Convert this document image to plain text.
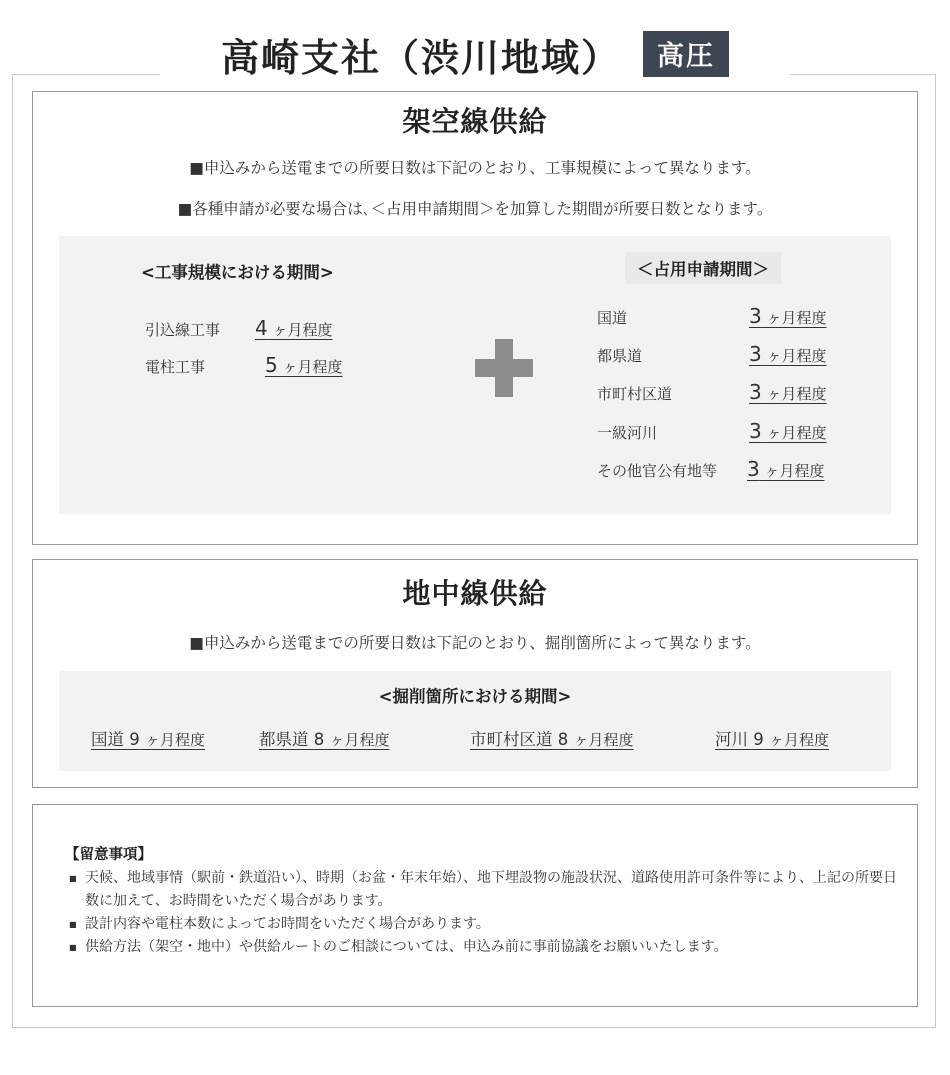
高崎支社（渋川地域）	高圧
架空線供給
■申込みから送電までの所要日数は下記のとおり、工事規模によって異なります。
■各種申請が必要な場合は､＜占用申請期間＞を加算した期間が所要日数となります。
<工事規模における期間>
引込線工事 4 ヶ月程度
電柱工事	5 ヶ月程度
＜占用申請期間＞
国道	3 ヶ月程度
都県道	3 ヶ月程度
市町村区道	3 ヶ月程度
一級河川	3 ヶ月程度
その他官公有地等 3 ヶ月程度
地中線供給
■申込みから送電までの所要日数は下記のとおり、掘削箇所によって異なります。
<掘削箇所における期間>
国道 9 ヶ月程度	都県道 8 ヶ月程度	市町村区道 8 ヶ月程度	河川 9 ヶ月程度
【留意事項】
■ 天候、地域事情（駅前・鉄道沿い）、時期（お盆・年末年始）、地下埋設物の施設状況、道路使用許可条件等により、上記の所要日数に加えて、お時間をいただく場合があります。
■ 設計内容や電柱本数によってお時間をいただく場合があります。
■ 供給方法（架空・地中）や供給ルートのご相談については、申込み前に事前協議をお願いいたします。
